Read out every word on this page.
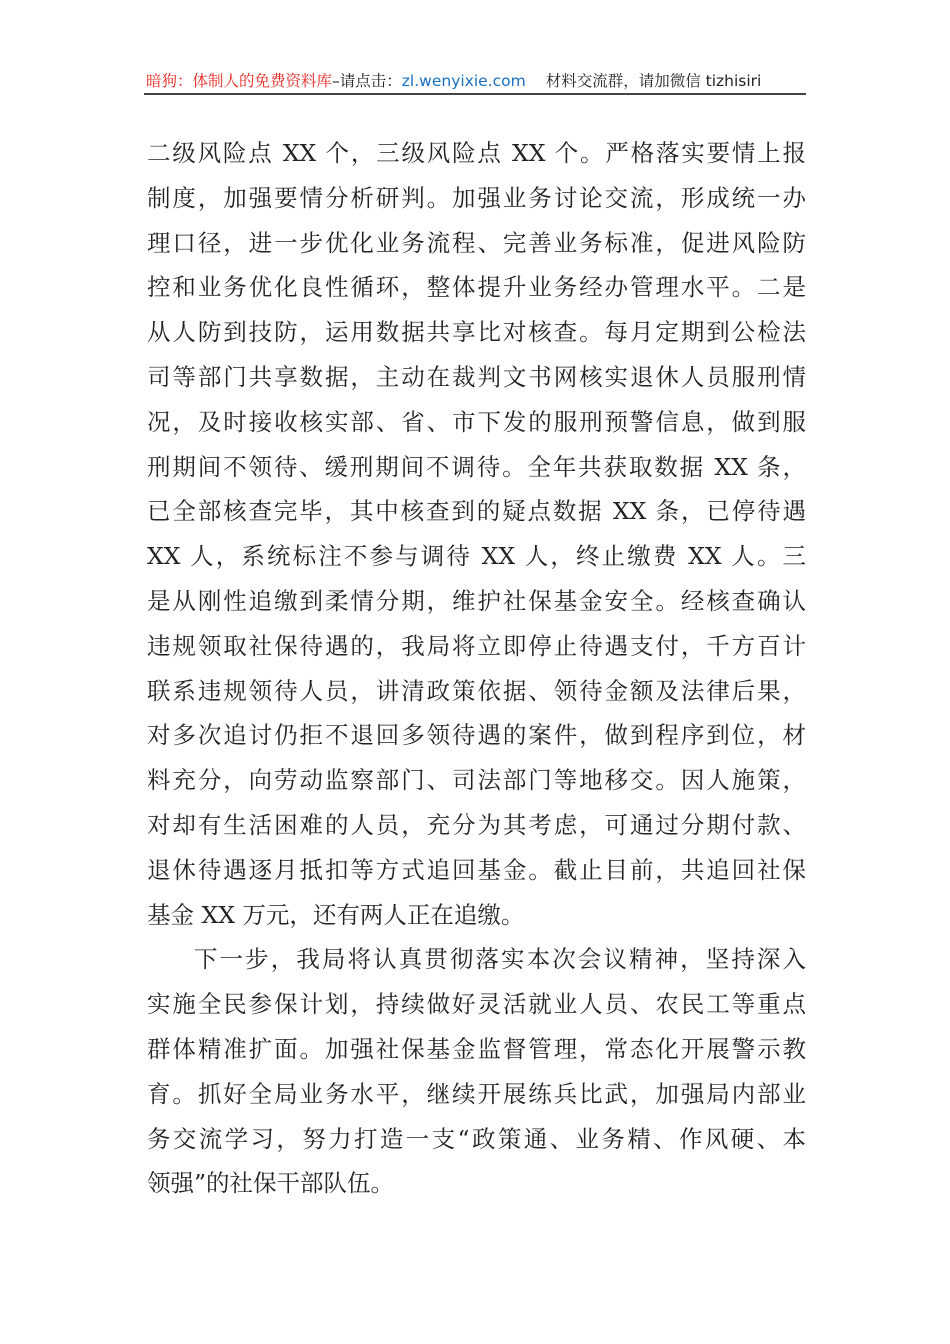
暗狗：体制人的免费资料库–请点击：zl.wenyixie.com 材料交流群，请加微信 tizhisiri
二级风险点 XX 个，三级风险点 XX 个。严格落实要情上报
制度，加强要情分析研判。加强业务讨论交流，形成统一办
理口径，进一步优化业务流程、完善业务标准，促进风险防
控和业务优化良性循环，整体提升业务经办管理水平。二是
从人防到技防，运用数据共享比对核查。每月定期到公检法
司等部门共享数据，主动在裁判文书网核实退休人员服刑情
况，及时接收核实部、省、市下发的服刑预警信息，做到服
刑期间不领待、缓刑期间不调待。全年共获取数据 XX 条，
已全部核查完毕，其中核查到的疑点数据 XX 条，已停待遇
XX 人，系统标注不参与调待 XX 人，终止缴费 XX 人。三
是从刚性追缴到柔情分期，维护社保基金安全。经核查确认
违规领取社保待遇的，我局将立即停止待遇支付，千方百计
联系违规领待人员，讲清政策依据、领待金额及法律后果，
对多次追讨仍拒不退回多领待遇的案件，做到程序到位，材
料充分，向劳动监察部门、司法部门等地移交。因人施策，
对却有生活困难的人员，充分为其考虑，可通过分期付款、
退休待遇逐月抵扣等方式追回基金。截止目前，共追回社保
基金 XX 万元，还有两人正在追缴。
下一步，我局将认真贯彻落实本次会议精神，坚持深入
实施全民参保计划，持续做好灵活就业人员、农民工等重点
群体精准扩面。加强社保基金监督管理，常态化开展警示教
育。抓好全局业务水平，继续开展练兵比武，加强局内部业
务交流学习，努力打造一支“政策通、业务精、作风硬、本
领强”的社保干部队伍。
